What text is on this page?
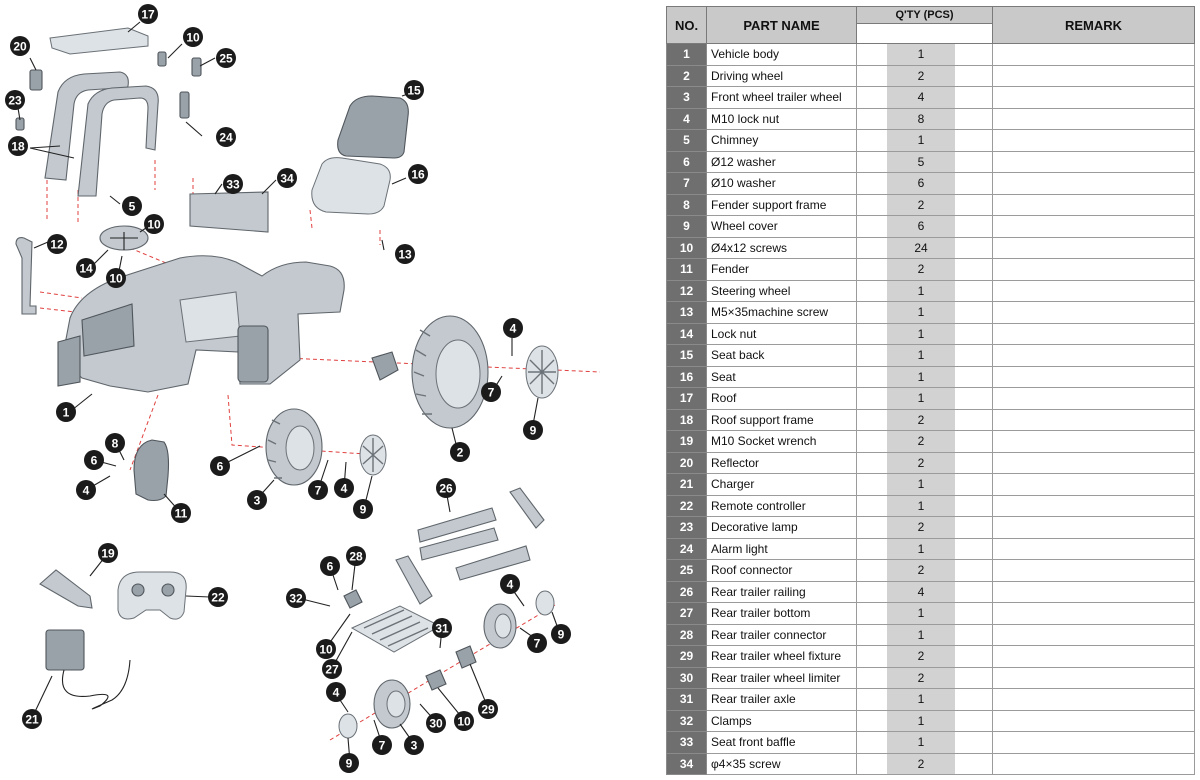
17
10
25
20
23
24
18
15
33	34	16
10
12
5
13
14
10
4
1
7
9
2
8
6
4
11
6
3
7 4
9
26
19
22
6
28
32
4
9
7
10
31
27
4
7 3
30 10
29
9
21
NO.	PART NAME	Q'TY (PCS)	REMARK

1	Vehicle body	1	

2	Driving wheel	2	

3	Front wheel trailer wheel	4	

4	M10 lock nut	8	

5	Chimney	1	

6	Ø12 washer	5	

7	Ø10 washer	6	

8	Fender support frame	2	

9	Wheel cover	6	

10	Ø4x12 screws	24	

11	Fender	2	

12	Steering wheel	1	

13	M5×35machine screw	1	

14	Lock nut	1	

15	Seat back	1	

16	Seat	1	

17	Roof	1	

18	Roof support frame	2	

19	M10 Socket wrench	2	

20	Reflector	2	

21	Charger	1	

22	Remote controller	1	

23	Decorative lamp	2	

24	Alarm light	1	

25	Roof connector	2	

26	Rear trailer railing	4	

27	Rear trailer bottom	1	

28	Rear trailer connector	1	

29	Rear trailer wheel fixture	2	

30	Rear trailer wheel limiter	2	

31	Rear trailer axle	1	

32	Clamps	1	

33	Seat front baffle	1	

34	φ4×35 screw	2	
